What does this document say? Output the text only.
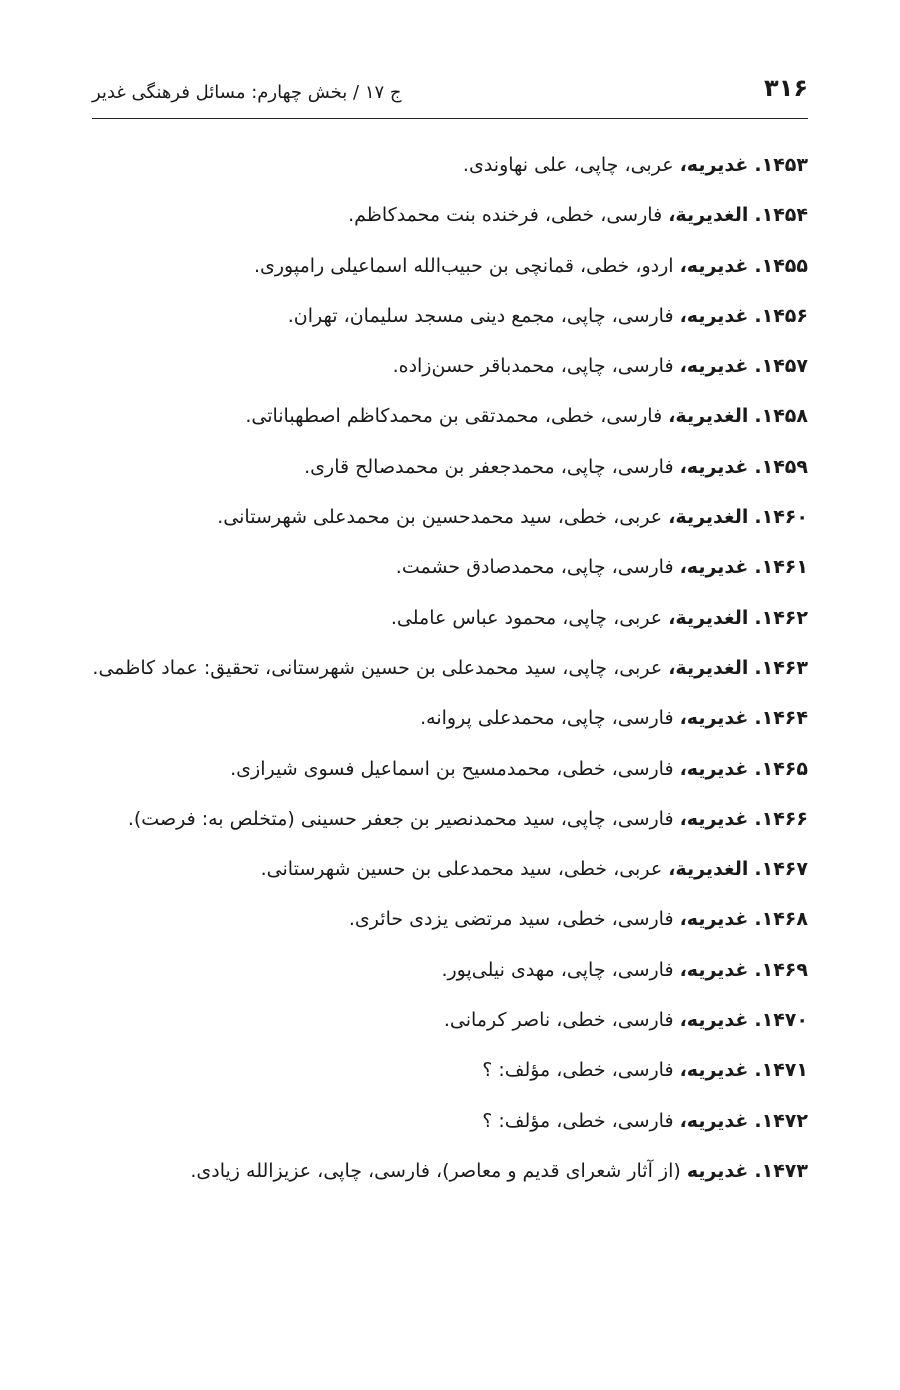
۳۱۶
ج ۱۷ / بخش چهارم: مسائل فرهنگی غدیر
۱۴۵۳.غدیریه، عربی، چاپی، علی نهاوندی.
۱۴۵۴.الغدیریة، فارسی، خطی، فرخنده بنت محمدکاظم.
۱۴۵۵.غدیریه، اردو، خطی، قمانچی بن حبیب‌الله اسماعیلی رامپوری.
۱۴۵۶.غدیریه، فارسی، چاپی، مجمع دینی مسجد سلیمان، تهران.
۱۴۵۷.غدیریه، فارسی، چاپی، محمدباقر حسن‌زاده.
۱۴۵۸.الغدیریة، فارسی، خطی، محمدتقی بن محمدکاظم اصطهباناتی.
۱۴۵۹.غدیریه، فارسی، چاپی، محمدجعفر بن محمدصالح قاری.
۱۴۶۰.الغدیریة، عربی، خطی، سید محمدحسین بن محمدعلی شهرستانی.
۱۴۶۱.غدیریه، فارسی، چاپی، محمدصادق حشمت.
۱۴۶۲.الغدیریة، عربی، چاپی، محمود عباس عاملی.
۱۴۶۳.الغدیریة، عربی، چاپی، سید محمدعلی بن حسین شهرستانی، تحقیق: عماد کاظمی.
۱۴۶۴.غدیریه، فارسی، چاپی، محمدعلی پروانه.
۱۴۶۵.غدیریه، فارسی، خطی، محمدمسیح بن اسماعیل فسوی شیرازی.
۱۴۶۶.غدیریه، فارسی، چاپی، سید محمدنصیر بن جعفر حسینی (متخلص به: فرصت).
۱۴۶۷.الغدیریة، عربی، خطی، سید محمدعلی بن حسین شهرستانی.
۱۴۶۸.غدیریه، فارسی، خطی، سید مرتضی یزدی حائری.
۱۴۶۹.غدیریه، فارسی، چاپی، مهدی نیلی‌پور.
۱۴۷۰.غدیریه، فارسی، خطی، ناصر کرمانی.
۱۴۷۱.غدیریه، فارسی، خطی، مؤلف: ؟
۱۴۷۲.غدیریه، فارسی، خطی، مؤلف: ؟
۱۴۷۳.غدیریه (از آثار شعرای قدیم و معاصر)، فارسی، چاپی، عزیزالله زیادی.
